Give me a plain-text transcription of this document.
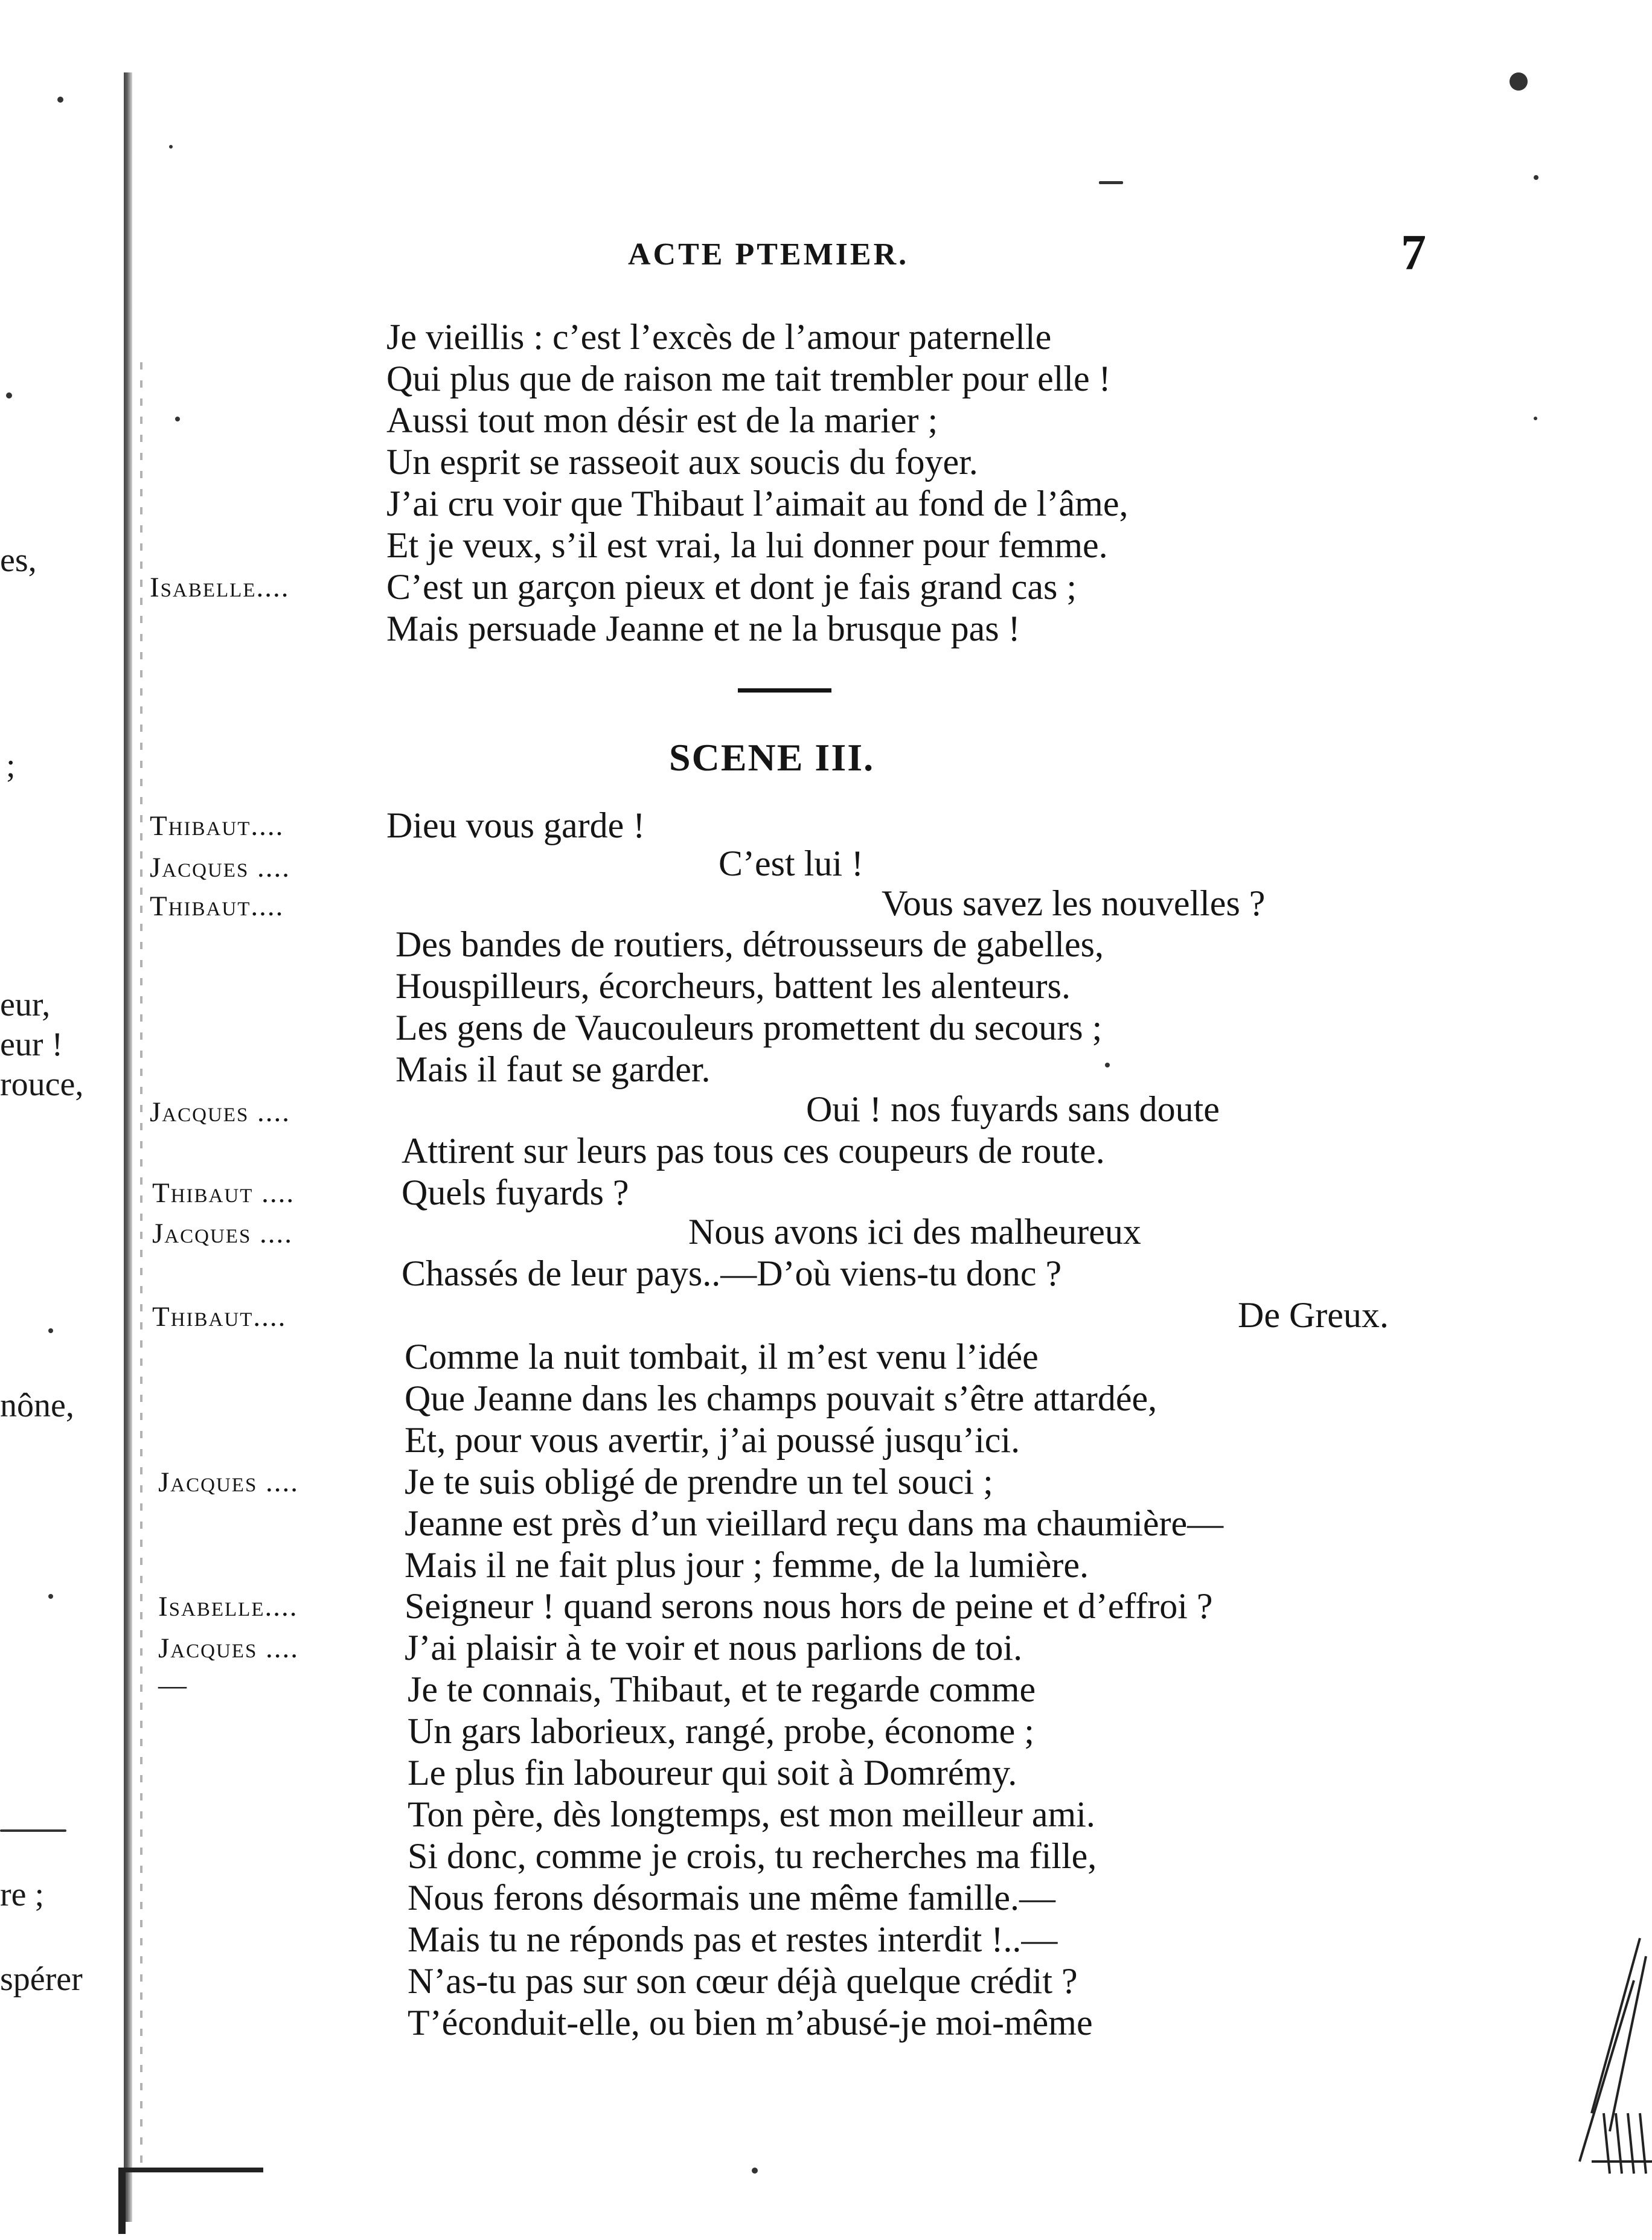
ACTE PTEMIER.	7
Je vieillis : c’est l’excès de l’amour paternelle
Qui plus que de raison me tait trembler pour elle !
Aussi tout mon désir est de la marier ;
Un esprit se rasseoit aux soucis du foyer.
J’ai cru voir que Thibaut l’aimait au fond de l’âme,
Et je veux, s’il est vrai, la lui donner pour femme.
Isabelle....	C’est un garçon pieux et dont je fais grand cas ;
Mais persuade Jeanne et ne la brusque pas !
SCENE III.
Thibaut....	Dieu vous garde !
Jacques ....	C’est lui !
Thibaut....	Vous savez les nouvelles ?
Des bandes de routiers, détrousseurs de gabelles,
Houspilleurs, écorcheurs, battent les alenteurs.
Les gens de Vaucouleurs promettent du secours ;
Mais il faut se garder.
Jacques ....	Oui ! nos fuyards sans doute
Attirent sur leurs pas tous ces coupeurs de route.
Thibaut ....	Quels fuyards ?
Jacques ....	Nous avons ici des malheureux
Chassés de leur pays..—D’où viens-tu donc ?
Thibaut....	De Greux.
Comme la nuit tombait, il m’est venu l’idée
Que Jeanne dans les champs pouvait s’être attardée,
Et, pour vous avertir, j’ai poussé jusqu’ici.
Jacques ....	Je te suis obligé de prendre un tel souci ;
Jeanne est près d’un vieillard reçu dans ma chaumière—
Mais il ne fait plus jour ; femme, de la lumière.
Isabelle....	Seigneur ! quand serons nous hors de peine et d’effroi ?
Jacques ....	J’ai plaisir à te voir et nous parlions de toi.
—	Je te connais, Thibaut, et te regarde comme
Un gars laborieux, rangé, probe, économe ;
Le plus fin laboureur qui soit à Domrémy.
Ton père, dès longtemps, est mon meilleur ami.
Si donc, comme je crois, tu recherches ma fille,
Nous ferons désormais une même famille.—
Mais tu ne réponds pas et restes interdit !..—
N’as-tu pas sur son cœur déjà quelque crédit ?
T’éconduit-elle, ou bien m’abusé-je moi-même
es,
;
eur,
eur !
rouce,
nône,
re ;
spérer
